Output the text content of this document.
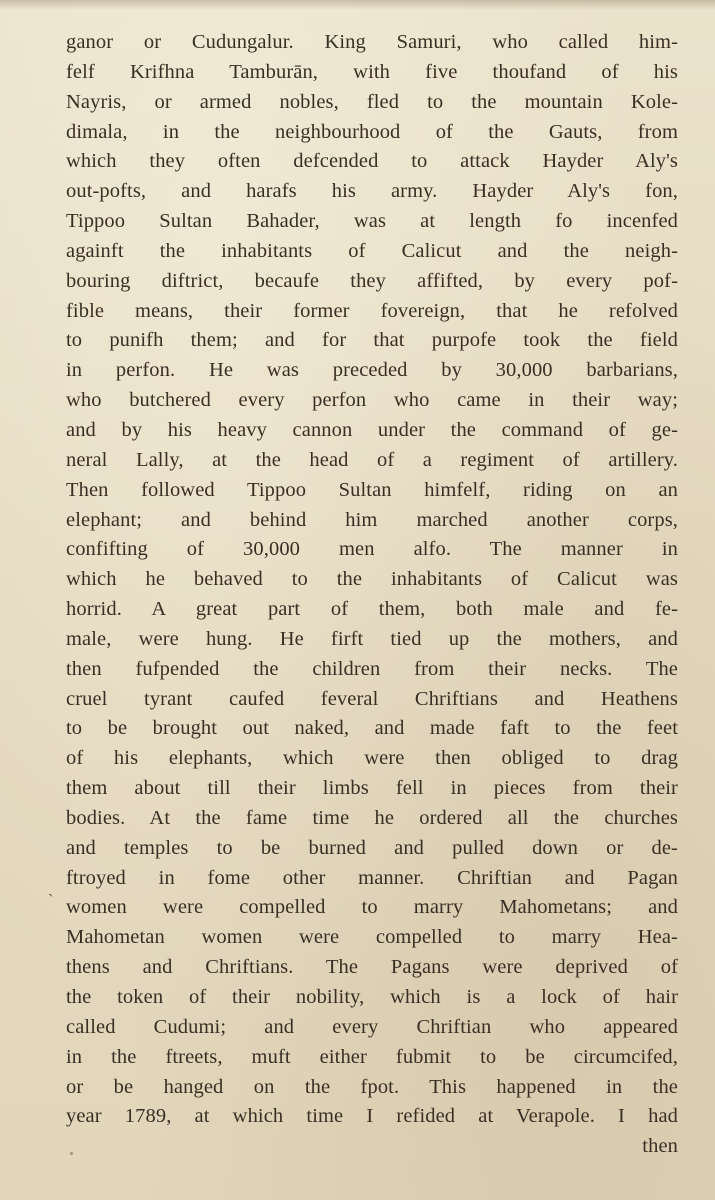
ganor or Cudungalur. King Samuri, who called him-
felf Krifhna Tamburān, with five thoufand of his
Nayris, or armed nobles, fled to the mountain Kole-
dimala, in the neighbourhood of the Gauts, from
which they often defcended to attack Hayder Aly's
out-pofts, and harafs his army. Hayder Aly's fon,
Tippoo Sultan Bahader, was at length fo incenfed
againft the inhabitants of Calicut and the neigh-
bouring diftrict, becaufe they affifted, by every pof-
fible means, their former fovereign, that he refolved
to punifh them; and for that purpofe took the field
in perfon. He was preceded by 30,000 barbarians,
who butchered every perfon who came in their way;
and by his heavy cannon under the command of ge-
neral Lally, at the head of a regiment of artillery.
Then followed Tippoo Sultan himfelf, riding on an
elephant; and behind him marched another corps,
confifting of 30,000 men alfo. The manner in
which he behaved to the inhabitants of Calicut was
horrid. A great part of them, both male and fe-
male, were hung. He firft tied up the mothers, and
then fufpended the children from their necks. The
cruel tyrant caufed feveral Chriftians and Heathens
to be brought out naked, and made faft to the feet
of his elephants, which were then obliged to drag
them about till their limbs fell in pieces from their
bodies. At the fame time he ordered all the churches
and temples to be burned and pulled down or de-
ftroyed in fome other manner. Chriftian and Pagan
women were compelled to marry Mahometans; and
Mahometan women were compelled to marry Hea-
thens and Chriftians. The Pagans were deprived of
the token of their nobility, which is a lock of hair
called Cudumi; and every Chriftian who appeared
in the ftreets, muft either fubmit to be circumcifed,
or be hanged on the fpot. This happened in the
year 1789, at which time I refided at Verapole. I had
then
ˎ
